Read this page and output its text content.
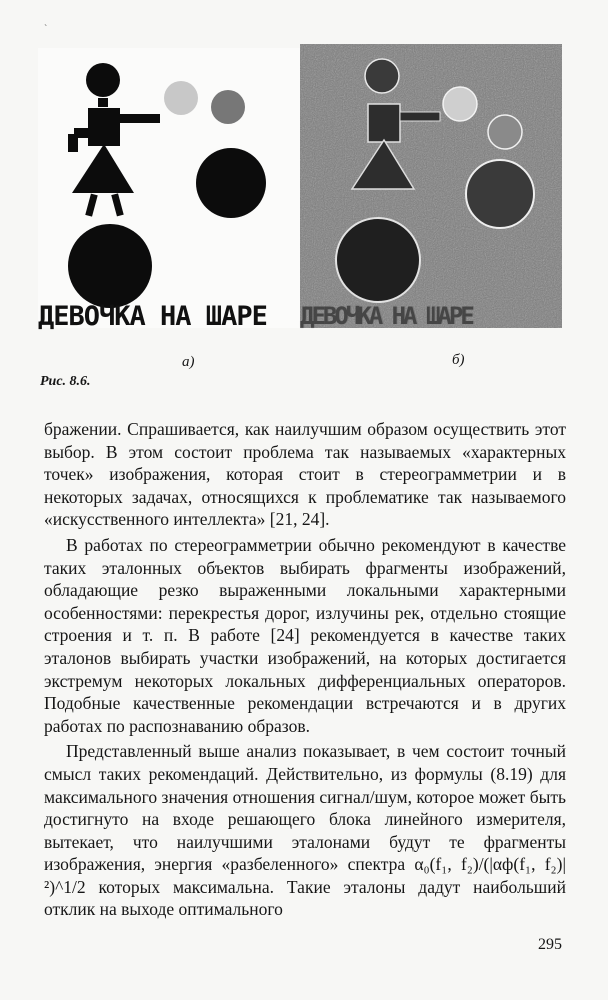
`
ДЕВОЧКА НА ШАРЕ	ДЕВОЧКА НА ШАРЕ
а)	б)
Рис. 8.6.

бражении. Спрашивается, как наилучшим образом осуществить этот выбор. В этом состоит проблема так называемых «характерных точек» изображения, которая стоит в стереограмметрии и в некоторых задачах, относящихся к проблематике так называемого «искусственного интеллекта» [21, 24].

В работах по стереограмметрии обычно рекомендуют в качестве таких эталонных объектов выбирать фрагменты изображений, обладающие резко выраженными локальными характерными особенностями: перекрестья дорог, излучины рек, отдельно стоящие строения и т. п. В работе [24] рекомендуется в качестве таких эталонов выбирать участки изображений, на которых достигается экстремум некоторых локальных дифференциальных операторов. Подобные качественные рекомендации встречаются и в других работах по распознаванию образов.

Представленный выше анализ показывает, в чем состоит точный смысл таких рекомендаций. Действительно, из формулы (8.19) для максимального значения отношения сигнал/шум, которое может быть достигнуто на входе решающего блока линейного измерителя, вытекает, что наилучшими эталонами будут те фрагменты изображения, энергия «разбеленного» спектра α₀(f₁, f₂)/(|αф(f₁, f₂)|²)^1/2 которых максимальна. Такие эталоны дадут наибольший отклик на выходе оптимального

295
